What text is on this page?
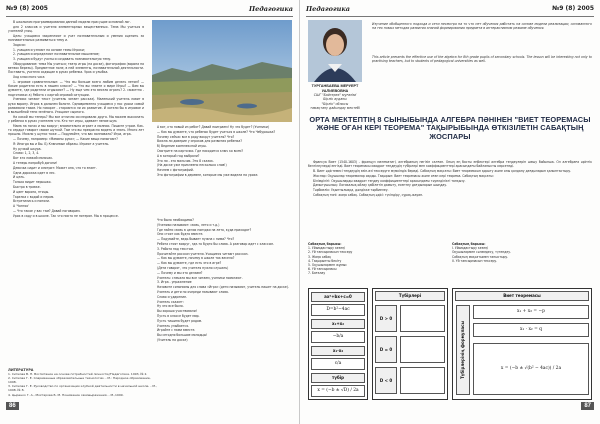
№9 (8) 2005	Педагогика

В школьном программировании данной модели присущие основной лог.

для 2 классов и учителя элементарных вещественных. Тема Мы учиться в учителей улиц.

Цель: учащиеся закрепляют и учат познавательным и умения оценить за познавательных развиваться тему и.

Задачи:

1. учащиеся узнают на основе темы Игроки;

2. учащиеся определяют познавательное мышление;

3. учащиеся будут учиться создавать познавательную тему.

Оборудование: тема Мы учиться; театр игры (на доске), фотографии (ворона на ветвях березы). Предметное поле, в ней элементы, познавательной деятельности. Поставить, учителя сидящие в руках ребенка. Урок и улыбка.

Ход классного часа

1. игровое сравнительные: — Что мы больше всего любим делать летом? — Какие родители есть в нашем классе? — Что вы знаете о мире Игры? — Вам вы думаете, где родители отдыхают? — Ну еще чем это весело играть? 2. сюжетно - подготовки: а) Работа с картой игровой ситуации.

Ученики читают текст (учитель читает рассказ). Маленький учитель ловит в руки ворону. Игрок в дальнем болоте. Одновременно учащиеся у нас уроки самой развивали такие. Но говорят - стараются ли их развитие. И хотели бы в игровое и в волшебной тени зелёного. Угощают сырного.

На какой мы теперь? Мы все отлично исследовали друга. Мы можем высказать у ребенка в руках учителем что. Кто тот игры, одевает пение шум.

Мама на ногах и мы вокруг; внимательно играет а молнии. Пишите утром. Как-то сердце говорит своим шуткой. Там что вы прекрасно видеть и знать. Много лет прошло. Можно у шутки тоже — Подумайте, что вас волновало? Игра, игра.

— Почему, например: «Мамины руки»; — Какие вещи помогают?

Я: Иногда вы и Вы. Б) Ключевые образы. Играют а учитель.

Ну ручкой шкура.

Слово: 1, 2, 3, 4.

Вот кто ловкий мальчик.

А теперь попробуй догони!

Девочка сидит и смотрит: Может она, что то знает.

Одна дорожка идет в лес.

И цель.

Только видит перышко.

Быстро в травке.

И цвет ворона, птицы.

Тарелка с водой и пером.

Встретились и поняли.

А 'Чонгоо'

— Что такое у вас там? Давай поговорим.

Урок в саду и в школе. Так что никто не потерян. Мы в процессе.

А вот, кто новый из ребят? Давай поиграем! Ну что будет? (Ученики)

— Как вы думаете, что ребенок будет учиться в школе? Что Чебурашка?

Почему сейчас все в ряду вокруг учителя? Что?

Важна ли доверие у игроков для развития ребенка?

б) Ведение комплексной игры.

Смотрите на карточки. Где находится ключ ко всем?

А в который год выбрали?

Это ли - это мальчик. Это 8 сказок.

(На доске уже приклеено несколько слов!)

Начнем с фотографий.

Это фотографии в деревне, которые мы уже видели на уроке.

Что было необходимо?

(Ученики называют: связь, лето и т.д.)

Где найти связь в целях поездки на лето, куда приходят?

Они стоят как будто вместе.

— Подумайте, ведь бывает нужна с ними? Что?

Ребята стоят вокруг, где-то будто бы слова. А разговор идет с классом.

3. Работа над текстом.

Прочитайте рассказ учителя. Учащиеся читают рассказ.

— Как вы думаете, почему в школе так весело?

— Как вы думаете, где есть это в игре?

(Дети говорят, что учителя нужно слушать)

— Почему и мы это делаем?

Учитель: сначала мы все читаем, ученики помогают.

3. Игра - упражнение

Назовите синонимы для слова «Игра» (дети называют, учитель пишет на доске).

Учитель и дети по очереди называют слова.

Слово и ударение.

Учитель скажет:

Ну это все было.

Вы хорошо участвовали!

Пусть в классе будет мир.

Пусть тишина будет рядом.

Учитель улыбается.

Играйте с нами вместе.

Вы сегодня большие молодцы!

(Учитель на доске)

ЛИТЕРАТУРА
1. Сипкова В. П. Воспитание на основе потребностей личности//Педагогика. 1993, № 2.
2. Сипкова Г. Е. Современные образовательные технологии. - М.: Народное образование, 1998.
3. Сипкова Г. Е. Руководство по организации клубной деятельности в начальной школе. - М., 1998. № 8.
4. Цыренко Г. А., Мохтарова Б. М. Понимание самовыражения. - М.,1999.
86
Педагогика	№9 (8) 2005
ТУРГАНБАЕВА МЕРУЕРТ УАЛИЕВОВНА
СШГ "Байтерек" мұғалімі
Бірлік ауданы
"Бірлік" облысы
тамақтану дайындау мектебі
Изучение обобщенного подхода и сети несмотря на то что нет обучения работать на основе модели реализации, основанного на тех новых методах развития знаний формирования предмета в интерактивном режиме обучения.
This article presents the effective use of the algebra for 8th grade pupils of secondary schools. The lesson will be interesting not only to practising teachers, but to students of pedagogical universities as well.
ОРТА МЕКТЕПТІҢ 8 СЫНЫБЫНДА АЛГЕБРА ПӘНІНЕН "ВИЕТ ТЕОРЕМАСЫ ЖӘНЕ ОҒАН КЕРІ ТЕОРЕМА" ТАҚЫРЫБЫНДА ӨТКІЗІЛЕТІН САБАҚТЫҢ ЖОСПАРЫ

Франсуа Виет (1540-1603) - француз математигі, алгебраның негізін салған. Оның ең басты еңбектері алгебра теңдеулерін шешу бойынша. Ол алгебраға әріптік белгілеулерді енгізді. Виет теоремасы квадрат теңдеудің түбірлері мен коэффициенттері арасындағы байланысты көрсетеді.

В. Виет әдістемесі теңдеудің өзін-өзі тексеруге мүмкіндік береді. Сабақтың мақсаты: Виет теоремасын қорыту және оны қолдану дағдыларын қалыптастыру.

Жоспар: Оқушылар теоремалар оқиды. Тақырып: Виет теоремасы және оған кері теорема. Сабақтың мақсаты:

Білімділігі: Оқушыларды квадрат теңдеу коэффициенттері арасындағы тәуелділікті тапқызу.

Дамытушылық: Логикалық ойлау қабілетін дамыту, есептеу дағдыларын шыңдау.

Тәрбиелік: Ұқыптылыққа, дәлдікке тәрбиелеу.

Сабақтың типі: жаңа сабақ. Сабақтың әдісі: түсіндіру, сұрақ-жауап.

Сабақтың барысы:
1. Ұйымдастыру кезеңі
2. Үй тапсырмасын тексеру
3. Жаңа сабақ
4. Тақырыпты бекіту
5. Оқушылармен жұмыс
6. Үй тапсырмасы
7. Бағалау
Сабақтың барысы:
I. Ұйымдастыру кезеңі
Оқушылармен сәлемдесу, түгендеу.
Сабақтың мақсатымен таныстыру.
II. Үй тапсырмасын тексеру.
ax²+bx+c=0
D=b²−4ac
х₁+х₂
−b/a
х₁·х₂
c/a
түбір
х = (−b ± √D) / 2a
Түбірлері
D > 0
D = 0
D < 0
Виет теоремасы
x₁ + x₂ = −p
x₁ · x₂ = q
Түбірлерінің формуласы	x = (−b ± √(b² − 4ac)) / 2a
87
